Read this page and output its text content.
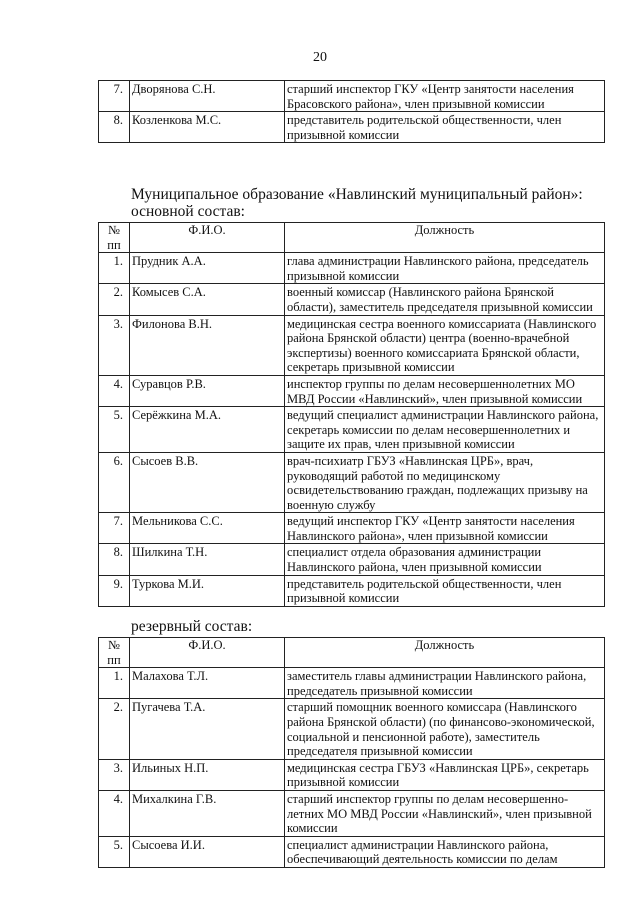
20
7.	Дворянова С.Н.	старший инспектор ГКУ «Центр занятости населения Брасовского района», член призывной комиссии
8.	Козленкова М.С.	представитель родительской общественности, член призывной комиссии
Муниципальное образование «Навлинский муниципальный район»:
основной состав:
№ пп	Ф.И.О.	Должность
1.	Прудник А.А.	глава администрации Навлинского района, председатель призывной комиссии
2.	Комысев С.А.	военный комиссар (Навлинского района Брянской области), заместитель председателя призывной комиссии
3.	Филонова В.Н.	медицинская сестра военного комиссариата (Навлинского района Брянской области) центра (военно-врачебной экспертизы) военного комиссариата Брянской области, секретарь призывной комиссии
4.	Суравцов Р.В.	инспектор группы по делам несовершеннолетних МО МВД России «Навлинский», член призывной комиссии
5.	Серёжкина М.А.	ведущий специалист администрации Навлинского района, секретарь комиссии по делам несовершеннолетних и защите их прав, член призывной комиссии
6.	Сысоев В.В.	врач-психиатр ГБУЗ «Навлинская ЦРБ», врач, руководящий работой по медицинскому освидетельствованию граждан, подлежащих призыву на военную службу
7.	Мельникова С.С.	ведущий инспектор ГКУ «Центр занятости населения Навлинского района», член призывной комиссии
8.	Шилкина Т.Н.	специалист отдела образования администрации Навлинского района, член призывной комиссии
9.	Туркова М.И.	представитель родительской общественности, член призывной комиссии
резервный состав:
№ пп	Ф.И.О.	Должность
1.	Малахова Т.Л.	заместитель главы администрации Навлинского района, председатель призывной комиссии
2.	Пугачева Т.А.	старший помощник военного комиссара (Навлинского района Брянской области) (по финансово-экономической, социальной и пенсионной работе), заместитель председателя призывной комиссии
3.	Ильиных Н.П.	медицинская сестра ГБУЗ «Навлинская ЦРБ», секретарь призывной комиссии
4.	Михалкина Г.В.	старший инспектор группы по делам несовершенно-летних МО МВД России «Навлинский», член призывной комиссии
5.	Сысоева И.И.	специалист администрации Навлинского района, обеспечивающий деятельность комиссии по делам
